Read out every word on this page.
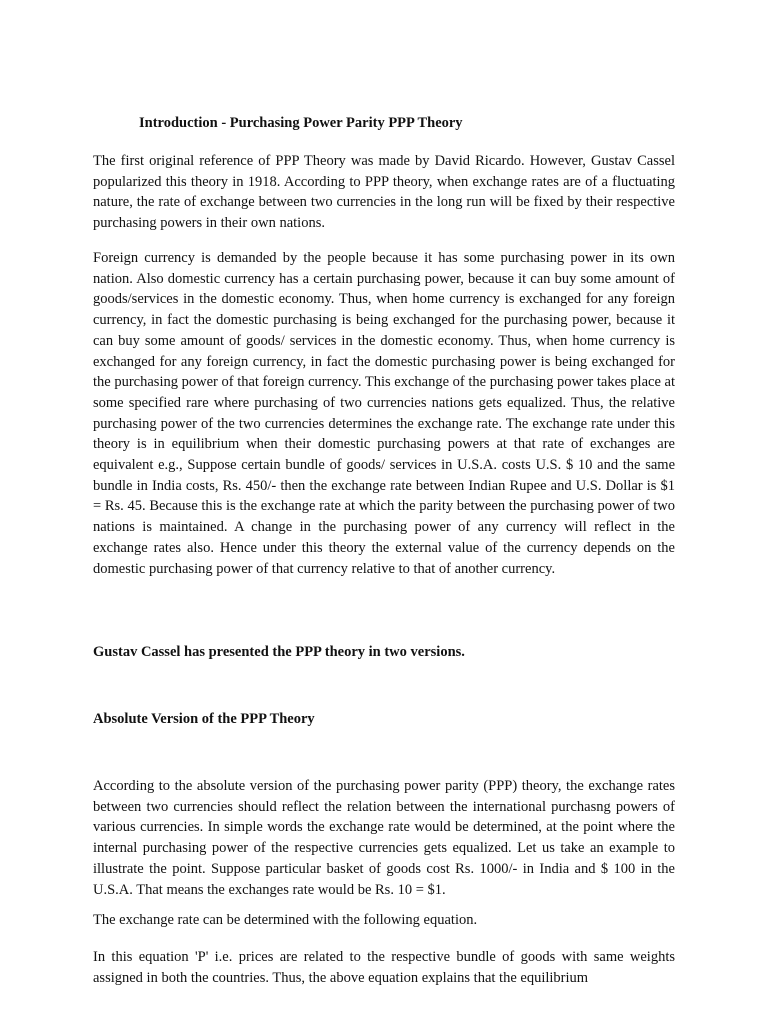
Introduction - Purchasing Power Parity PPP Theory

The first original reference of PPP Theory was made by David Ricardo. However, Gustav Cassel popularized this theory in 1918. According to PPP theory, when exchange rates are of a fluctuating nature, the rate of exchange between two currencies in the long run will be fixed by their respective purchasing powers in their own nations.

Foreign currency is demanded by the people because it has some purchasing power in its own nation. Also domestic currency has a certain purchasing power, because it can buy some amount of goods/services in the domestic economy. Thus, when home currency is exchanged for any foreign currency, in fact the domestic purchasing is being exchanged for the purchasing power, because it can buy some amount of goods/ services in the domestic economy. Thus, when home currency is exchanged for any foreign currency, in fact the domestic purchasing power is being exchanged for the purchasing power of that foreign currency. This exchange of the purchasing power takes place at some specified rare where purchasing of two currencies nations gets equalized. Thus, the relative purchasing power of the two currencies determines the exchange rate. The exchange rate under this theory is in equilibrium when their domestic purchasing powers at that rate of exchanges are equivalent e.g., Suppose certain bundle of goods/ services in U.S.A. costs U.S. $ 10 and the same bundle in India costs, Rs. 450/- then the exchange rate between Indian Rupee and U.S. Dollar is $1 = Rs. 45. Because this is the exchange rate at which the parity between the purchasing power of two nations is maintained. A change in the purchasing power of any currency will reflect in the exchange rates also. Hence under this theory the external value of the currency depends on the domestic purchasing power of that currency relative to that of another currency.

Gustav Cassel has presented the PPP theory in two versions.

Absolute Version of the PPP Theory

According to the absolute version of the purchasing power parity (PPP) theory, the exchange rates between two currencies should reflect the relation between the international purchasng powers of various currencies. In simple words the exchange rate would be determined, at the point where the internal purchasing power of the respective currencies gets equalized. Let us take an example to illustrate the point. Suppose particular basket of goods cost Rs. 1000/- in India and $ 100 in the U.S.A. That means the exchanges rate would be Rs. 10 = $1.

The exchange rate can be determined with the following equation.

In this equation 'P' i.e. prices are related to the respective bundle of goods with same weights assigned in both the countries. Thus, the above equation explains that the equilibrium
